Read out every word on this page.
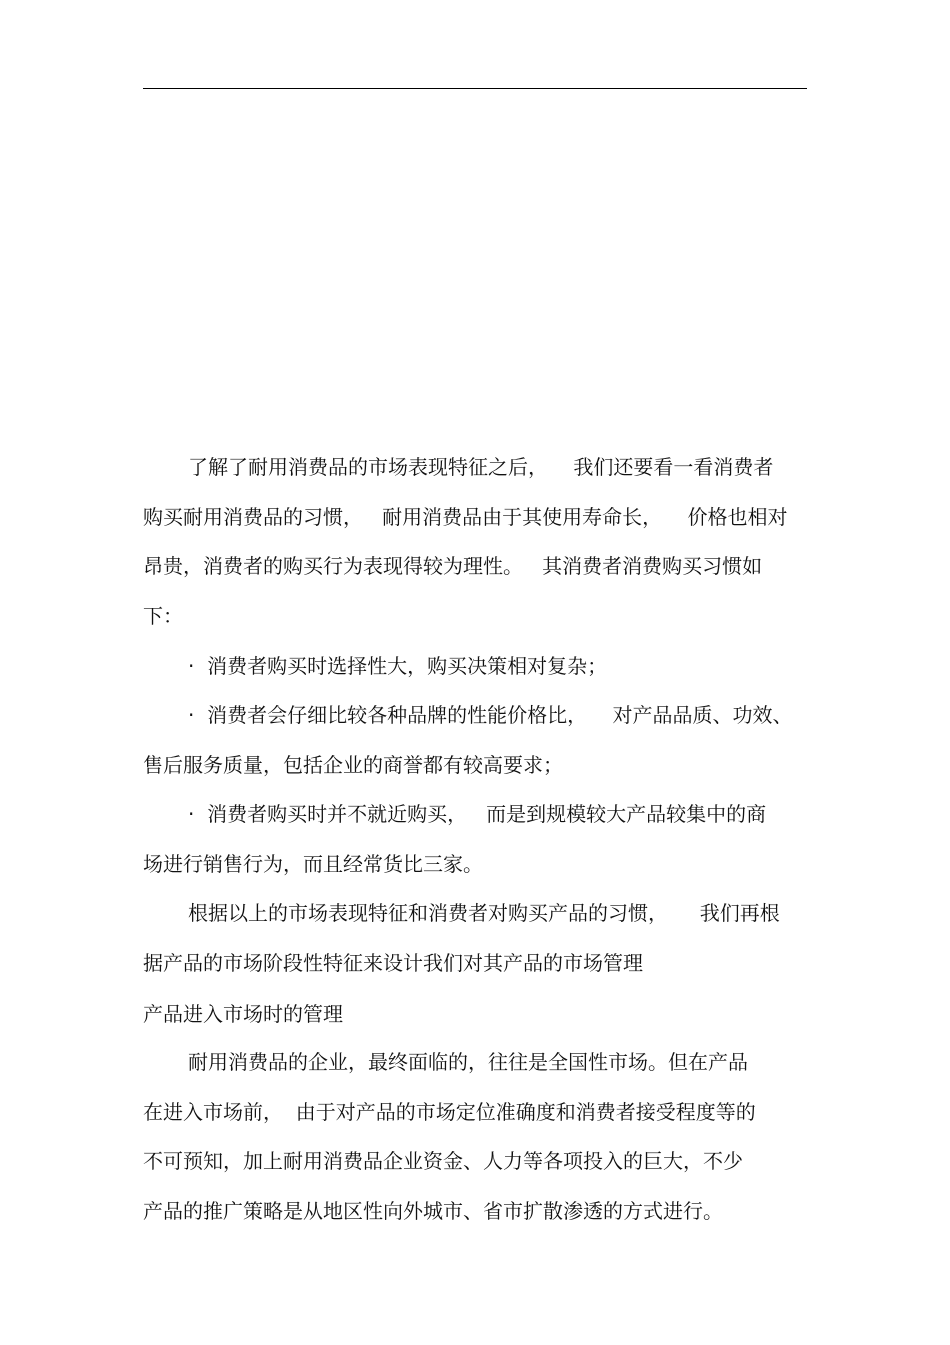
了解了耐用消费品的市场表现特征之后，    我们还要看一看消费者
购买耐用消费品的习惯，   耐用消费品由于其使用寿命长，    价格也相对
昂贵，消费者的购买行为表现得较为理性。   其消费者消费购买习惯如
下：
·  消费者购买时选择性大，购买决策相对复杂；
·  消费者会仔细比较各种品牌的性能价格比，    对产品品质、功效、
售后服务质量，包括企业的商誉都有较高要求；
·  消费者购买时并不就近购买，   而是到规模较大产品较集中的商
场进行销售行为，而且经常货比三家。
根据以上的市场表现特征和消费者对购买产品的习惯，     我们再根
据产品的市场阶段性特征来设计我们对其产品的市场管理
产品进入市场时的管理
耐用消费品的企业，最终面临的，往往是全国性市场。但在产品
在进入市场前，  由于对产品的市场定位准确度和消费者接受程度等的
不可预知，加上耐用消费品企业资金、人力等各项投入的巨大，不少
产品的推广策略是从地区性向外城市、省市扩散渗透的方式进行。
